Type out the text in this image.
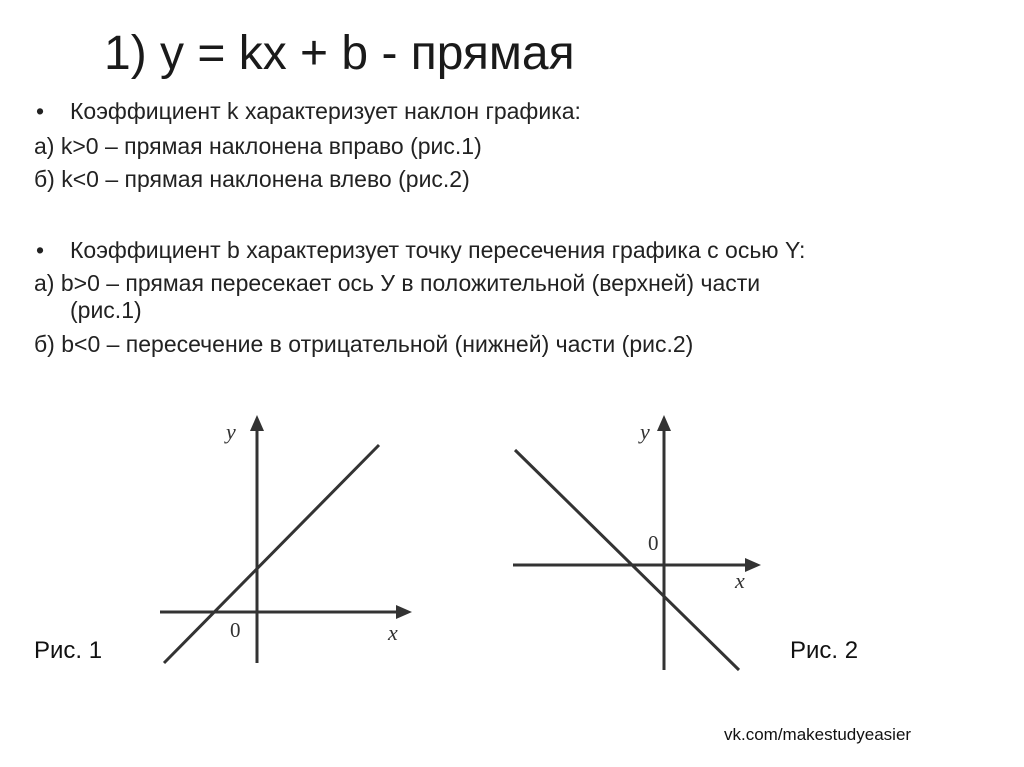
1) y = kx + b - прямая
• Коэффициент k характеризует наклон графика:
а) k>0 – прямая наклонена вправо (рис.1)
б) k<0 – прямая наклонена влево (рис.2)
• Коэффициент b характеризует точку пересечения графика с осью Y:
а) b>0 – прямая пересекает ось У в положительной (верхней) части
(рис.1)
б) b<0 – пересечение в отрицательной (нижней) части (рис.2)
y
x
0
y
x
0
Рис. 1	Рис. 2
vk.com/makestudyeasier
